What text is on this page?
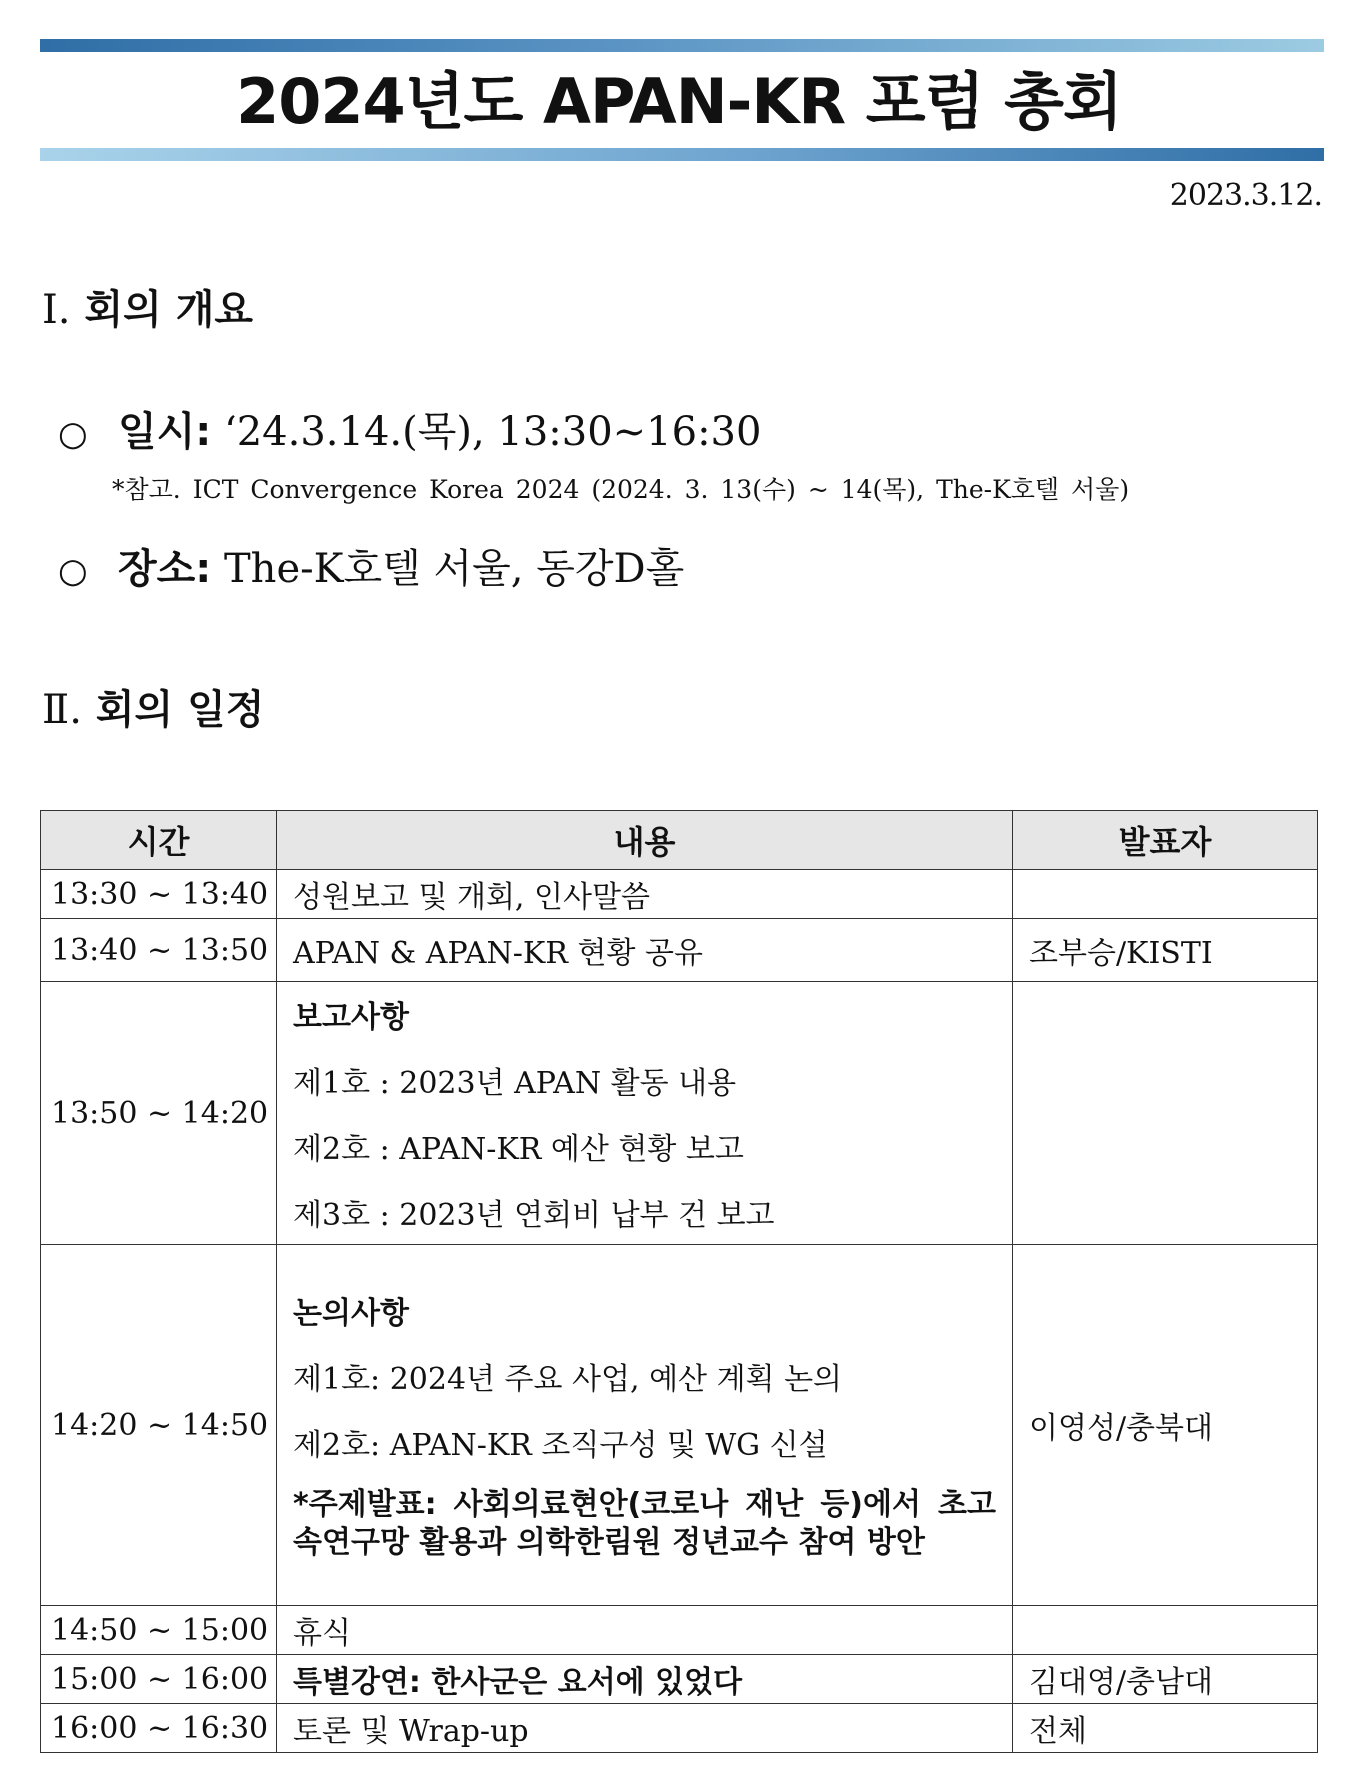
2024년도 APAN-KR 포럼 총회
2023.3.12.
Ⅰ. 회의 개요
○ 일시: ‘24.3.14.(목), 13:30~16:30
*참고. ICT Convergence Korea 2024 (2024. 3. 13(수) ~ 14(목), The-K호텔 서울)
○ 장소: The-K호텔 서울, 동강D홀
Ⅱ. 회의 일정
시간	내용	발표자
13:30 ~ 13:40	성원보고 및 개회, 인사말씀	
13:40 ~ 13:50	APAN & APAN-KR 현황 공유	조부승/KISTI
13:50 ~ 14:20	보고사항
제1호 : 2023년 APAN 활동 내용
제2호 : APAN-KR 예산 현황 보고
제3호 : 2023년 연회비 납부 건 보고	

14:20 ~ 14:50	논의사항
제1호: 2024년 주요 사업, 예산 계획 논의
제2호: APAN-KR 조직구성 및 WG 신설
*주제발표: 사회의료현안(코로나 재난 등)에서 초고속연구망 활용과 의학한림원 정년교수 참여 방안	이영성/충북대
14:50 ~ 15:00	휴식	
15:00 ~ 16:00	특별강연: 한사군은 요서에 있었다	김대영/충남대
16:00 ~ 16:30	토론 및 Wrap-up	전체
